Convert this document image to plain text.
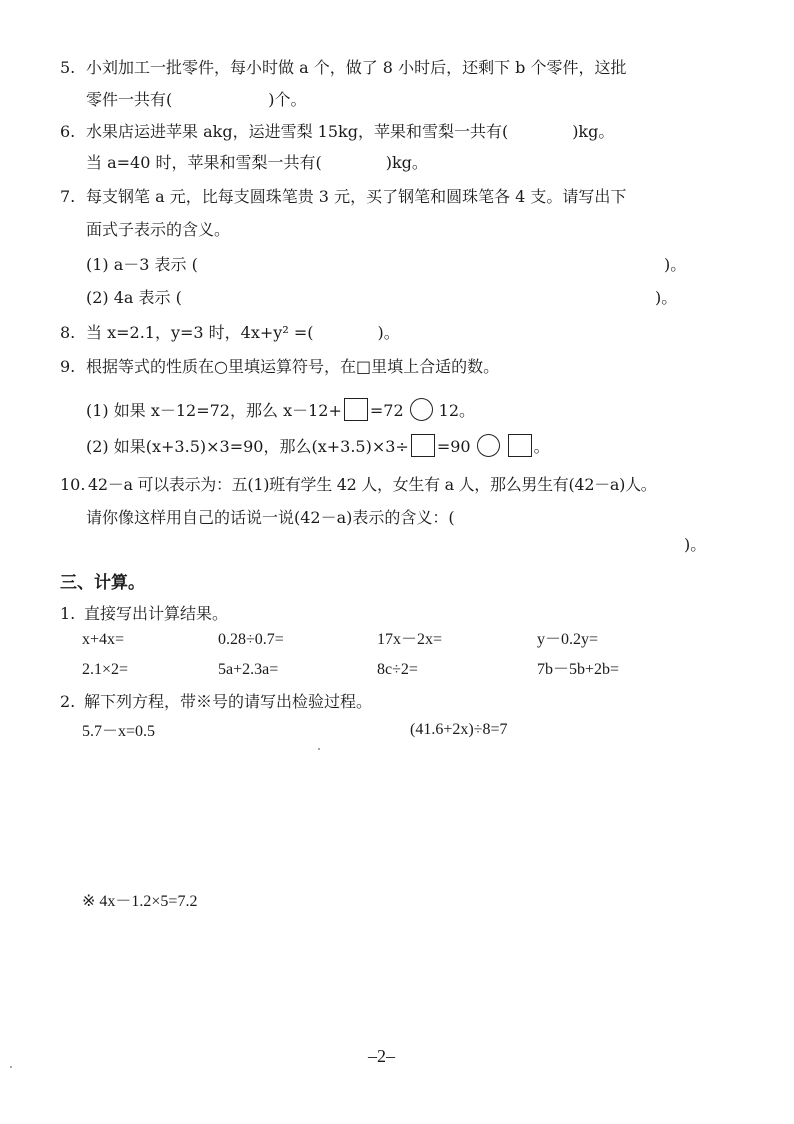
5. 小刘加工一批零件，每小时做 a 个，做了 8 小时后，还剩下 b 个零件，这批
零件一共有(　　　　　　)个。
6. 水果店运进苹果 akg，运进雪梨 15kg，苹果和雪梨一共有(　　　　)kg。
当 a=40 时，苹果和雪梨一共有(　　　　)kg。
7. 每支钢笔 a 元，比每支圆珠笔贵 3 元，买了钢笔和圆珠笔各 4 支。请写出下
面式子表示的含义。
(1) a－3 表示 (	)。
(2) 4a 表示 (	)。
8. 当 x=2.1，y=3 时，4x+y² =(　　　　)。
9. 根据等式的性质在○里填运算符号，在□里填上合适的数。
(1) 如果 x－12=72，那么 x－12+ =72 12。
(2) 如果(x+3.5)×3=90，那么(x+3.5)×3÷ =90	。
10. 42－a 可以表示为：五(1)班有学生 42 人，女生有 a 人，那么男生有(42－a)人。
请你像这样用自己的话说一说(42－a)表示的含义：(
)。
三、计算。
1. 直接写出计算结果。
x+4x=	0.28÷0.7=	17x－2x=	y－0.2y=
2.1×2=	5a+2.3a=	8c÷2=	7b－5b+2b=
2. 解下列方程，带※号的请写出检验过程。
5.7－x=0.5	(41.6+2x)÷8=7
※ 4x－1.2×5=7.2
–2–
